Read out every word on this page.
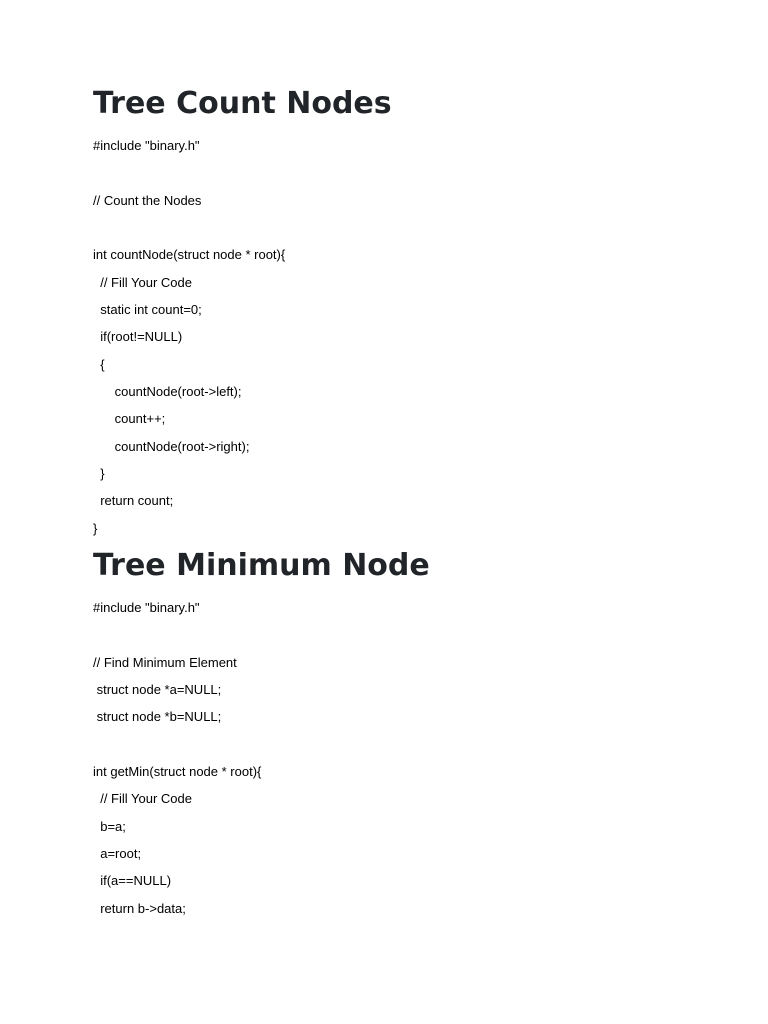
Tree Count Nodes
#include "binary.h"
// Count the Nodes
int countNode(struct node * root){
// Fill Your Code
static int count=0;
if(root!=NULL)
{
countNode(root->left);
count++;
countNode(root->right);
}
return count;
}
Tree Minimum Node
#include "binary.h"
// Find Minimum Element
struct node *a=NULL;
struct node *b=NULL;
int getMin(struct node * root){
// Fill Your Code
b=a;
a=root;
if(a==NULL)
return b->data;
